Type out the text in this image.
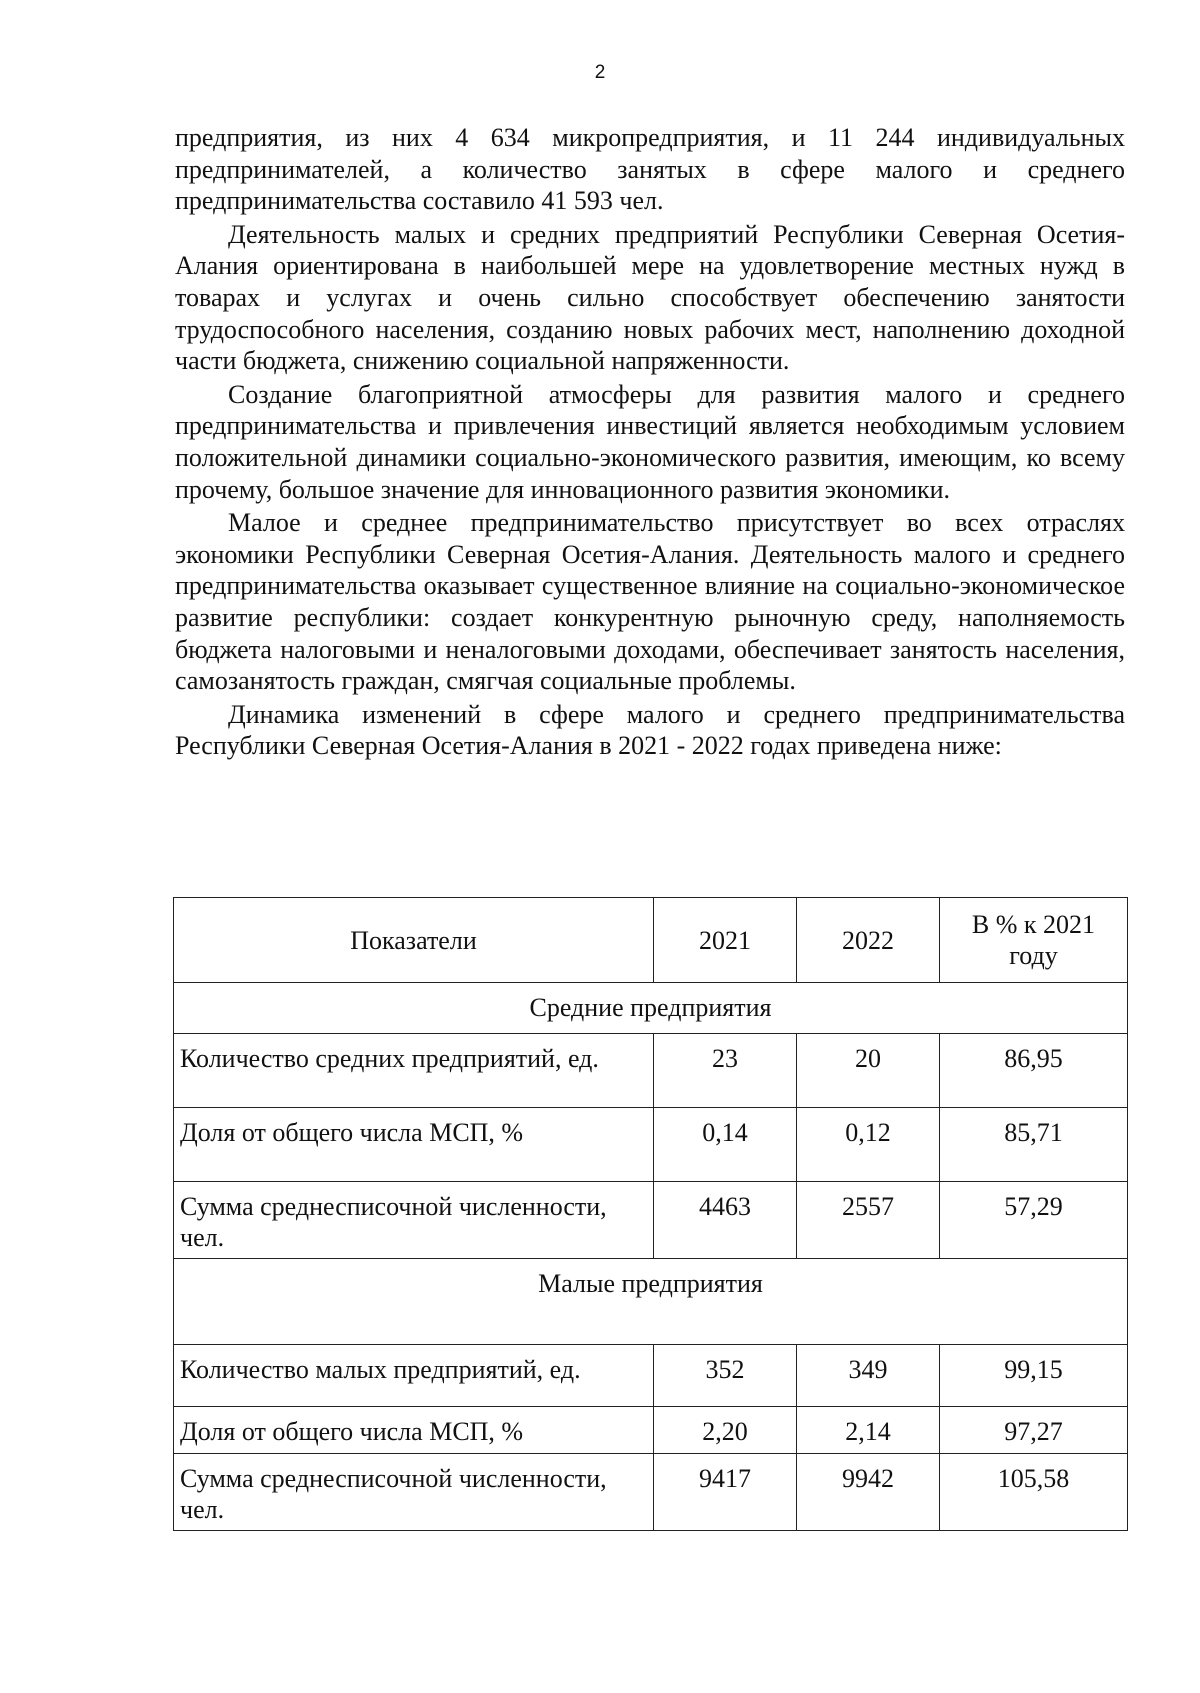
2

предприятия, из них 4 634 микропредприятия, и 11 244 индивидуальных предпринимателей, а количество занятых в сфере малого и среднего предпринимательства составило 41 593 чел.

Деятельность малых и средних предприятий Республики Северная Осетия-Алания ориентирована в наибольшей мере на удовлетворение местных нужд в товарах и услугах и очень сильно способствует обеспечению занятости трудоспособного населения, созданию новых рабочих мест, наполнению доходной части бюджета, снижению социальной напряженности.

Создание благоприятной атмосферы для развития малого и среднего предпринимательства и привлечения инвестиций является необходимым условием положительной динамики социально-экономического развития, имеющим, ко всему прочему, большое значение для инновационного развития экономики.

Малое и среднее предпринимательство присутствует во всех отраслях экономики Республики Северная Осетия-Алания. Деятельность малого и среднего предпринимательства оказывает существенное влияние на социально-экономическое развитие республики: создает конкурентную рыночную среду, наполняемость бюджета налоговыми и неналоговыми доходами, обеспечивает занятость населения, самозанятость граждан, смягчая социальные проблемы.

Динамика изменений в сфере малого и среднего предпринимательства Республики Северная Осетия-Алания в 2021 - 2022 годах приведена ниже:

Показатели	2021	2022	В % к 2021
году
Средние предприятия			
Количество средних предприятий, ед.	23	20	86,95
Доля от общего числа МСП, %	0,14	0,12	85,71
Сумма среднесписочной численности, чел.	4463	2557	57,29
Малые предприятия			
Количество малых предприятий, ед.	352	349	99,15
Доля от общего числа МСП, %	2,20	2,14	97,27
Сумма среднесписочной численности, чел.	9417	9942	105,58
